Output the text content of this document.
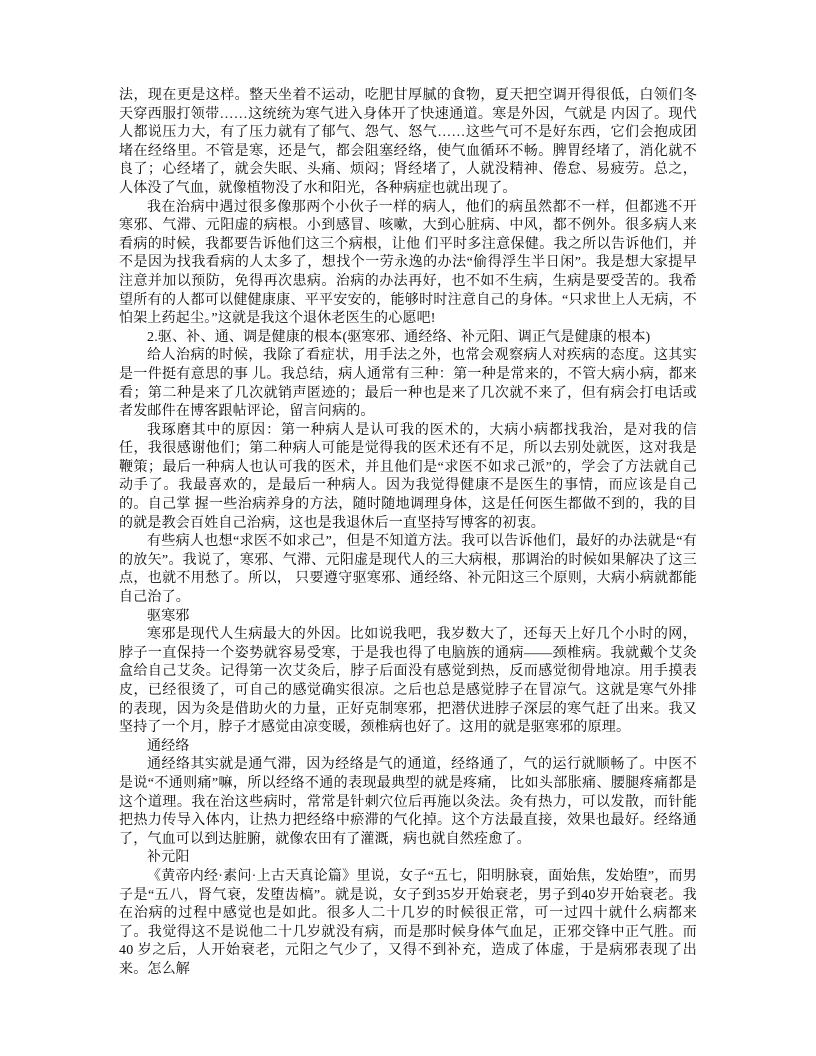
法，现在更是这样。整天坐着不运动，吃肥甘厚腻的食物，夏天把空调开得很低，白领们冬天穿西服打领带……这统统为寒气进入身体开了快速通道。寒是外因，气就是 内因了。现代人都说压力大，有了压力就有了郁气、怨气、怒气……这些气可不是好东西，它们会抱成团堵在经络里。不管是寒，还是气，都会阻塞经络，使气血循环不畅。脾胃经堵了，消化就不良了；心经堵了，就会失眠、头痛、烦闷；肾经堵了，人就没精神、倦怠、易疲劳。总之，人体没了气血，就像植物没了水和阳光，各种病症也就出现了。

我在治病中遇过很多像那两个小伙子一样的病人，他们的病虽然都不一样，但都逃不开寒邪、气滞、元阳虚的病根。小到感冒、咳嗽，大到心脏病、中风，都不例外。很多病人来看病的时候，我都要告诉他们这三个病根，让他 们平时多注意保健。我之所以告诉他们，并不是因为找我看病的人太多了，想找个一劳永逸的办法“偷得浮生半日闲”。我是想大家提早注意并加以预防，免得再次患病。治病的办法再好，也不如不生病，生病是要受苦的。我希望所有的人都可以健健康康、平平安安的，能够时时注意自己的身体。“只求世上人无病，不怕架上药起尘。”这就是我这个退休老医生的心愿吧!

2.驱、补、通、调是健康的根本(驱寒邪、通经络、补元阳、调正气是健康的根本)

给人治病的时候，我除了看症状，用手法之外，也常会观察病人对疾病的态度。这其实是一件挺有意思的事 儿。我总结，病人通常有三种：第一种是常来的，不管大病小病，都来看；第二种是来了几次就销声匿迹的；最后一种也是来了几次就不来了，但有病会打电话或者发邮件在博客跟帖评论，留言问病的。

我琢磨其中的原因：第一种病人是认可我的医术的，大病小病都找我治，是对我的信任，我很感谢他们；第二种病人可能是觉得我的医术还有不足，所以去别处就医，这对我是鞭策；最后一种病人也认可我的医术，并且他们是“求医不如求己派”的，学会了方法就自己动手了。我最喜欢的，是最后一种病人。因为我觉得健康不是医生的事情，而应该是自己的。自己掌 握一些治病养身的方法，随时随地调理身体，这是任何医生都做不到的，我的目的就是教会百姓自己治病，这也是我退休后一直坚持写博客的初衷。

有些病人也想“求医不如求己”，但是不知道方法。我可以告诉他们，最好的办法就是“有的放矢”。我说了，寒邪、气滞、元阳虚是现代人的三大病根，那调治的时候如果解决了这三点，也就不用愁了。所以， 只要遵守驱寒邪、通经络、补元阳这三个原则，大病小病就都能自己治了。

驱寒邪

寒邪是现代人生病最大的外因。比如说我吧，我岁数大了，还每天上好几个小时的网，脖子一直保持一个姿势就容易受寒，于是我也得了电脑族的通病——颈椎病。我就戴个艾灸盒给自己艾灸。记得第一次艾灸后，脖子后面没有感觉到热，反而感觉彻骨地凉。用手摸表皮，已经很烫了，可自己的感觉确实很凉。之后也总是感觉脖子在冒凉气。这就是寒气外排的表现，因为灸是借助火的力量，正好克制寒邪，把潜伏进脖子深层的寒气赶了出来。我又坚持了一个月，脖子才感觉由凉变暖，颈椎病也好了。这用的就是驱寒邪的原理。

通经络

通经络其实就是通气滞，因为经络是气的通道，经络通了，气的运行就顺畅了。中医不是说“不通则痛”嘛，所以经络不通的表现最典型的就是疼痛， 比如头部胀痛、腰腿疼痛都是这个道理。我在治这些病时，常常是针刺穴位后再施以灸法。灸有热力，可以发散，而针能把热力传导入体内，让热力把经络中瘀滞的气化掉。这个方法最直接，效果也最好。经络通了，气血可以到达脏腑，就像农田有了灌溉，病也就自然痊愈了。

补元阳

《黄帝内经·素问·上古天真论篇》里说，女子“五七，阳明脉衰，面始焦，发始堕”，而男子是“五八，肾气衰，发堕齿槁”。就是说，女子到35岁开始衰老，男子到40岁开始衰老。我在治病的过程中感觉也是如此。很多人二十几岁的时候很正常，可一过四十就什么病都来了。我觉得这不是说他二十几岁就没有病，而是那时候身体气血足，正邪交锋中正气胜。而 40 岁之后，人开始衰老，元阳之气少了，又得不到补充，造成了体虚，于是病邪表现了出来。怎么解
